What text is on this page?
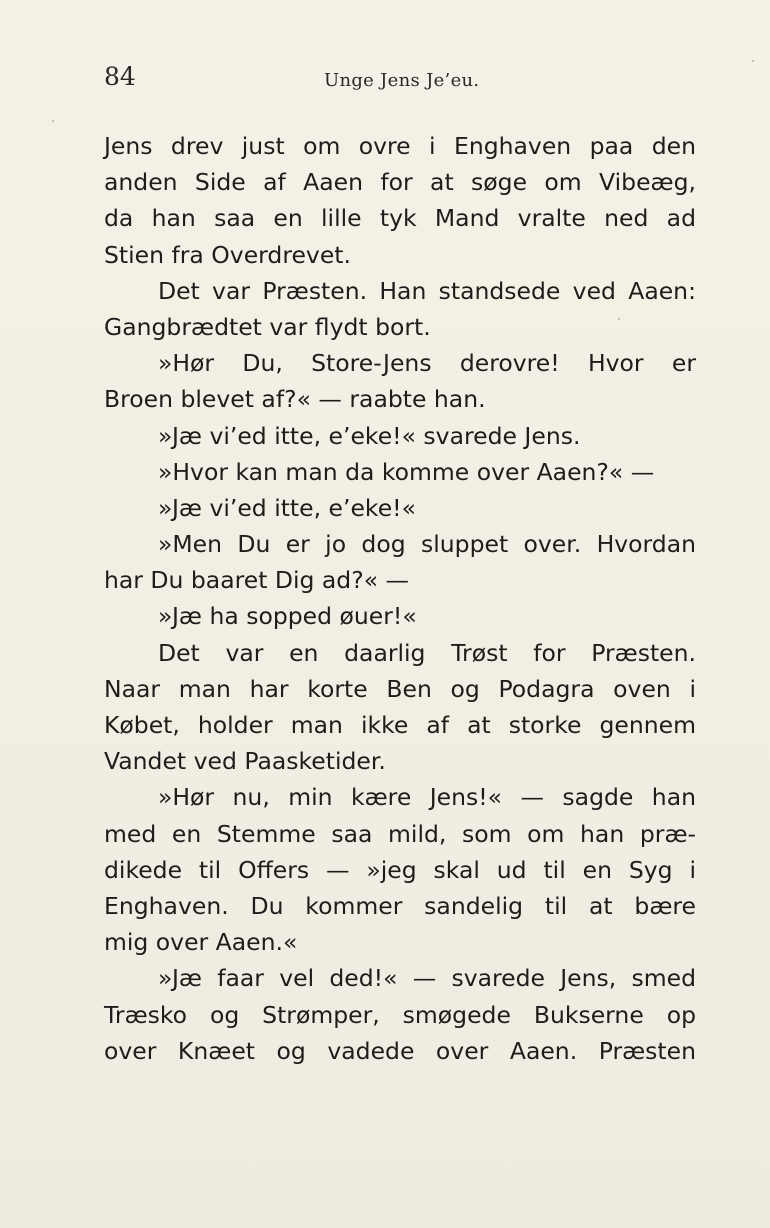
84	Unge Jens Je’eu.
Jens drev just om ovre i Enghaven paa den
anden Side af Aaen for at søge om Vibeæg,
da han saa en lille tyk Mand vralte ned ad
Stien fra Overdrevet.
Det var Præsten. Han standsede ved Aaen:
Gangbrædtet var flydt bort.
»Hør Du, Store-Jens derovre! Hvor er
Broen blevet af?« — raabte han.
»Jæ vi’ed itte, e’eke!« svarede Jens.
»Hvor kan man da komme over Aaen?« —
»Jæ vi’ed itte, e’eke!«
»Men Du er jo dog sluppet over. Hvordan
har Du baaret Dig ad?« —
»Jæ ha sopped øuer!«
Det var en daarlig Trøst for Præsten.
Naar man har korte Ben og Podagra oven i
Købet, holder man ikke af at storke gennem
Vandet ved Paasketider.
»Hør nu, min kære Jens!« — sagde han
med en Stemme saa mild, som om han præ-
dikede til Offers — »jeg skal ud til en Syg i
Enghaven. Du kommer sandelig til at bære
mig over Aaen.«
»Jæ faar vel ded!« — svarede Jens, smed
Træsko og Strømper, smøgede Bukserne op
over Knæet og vadede over Aaen. Præsten
